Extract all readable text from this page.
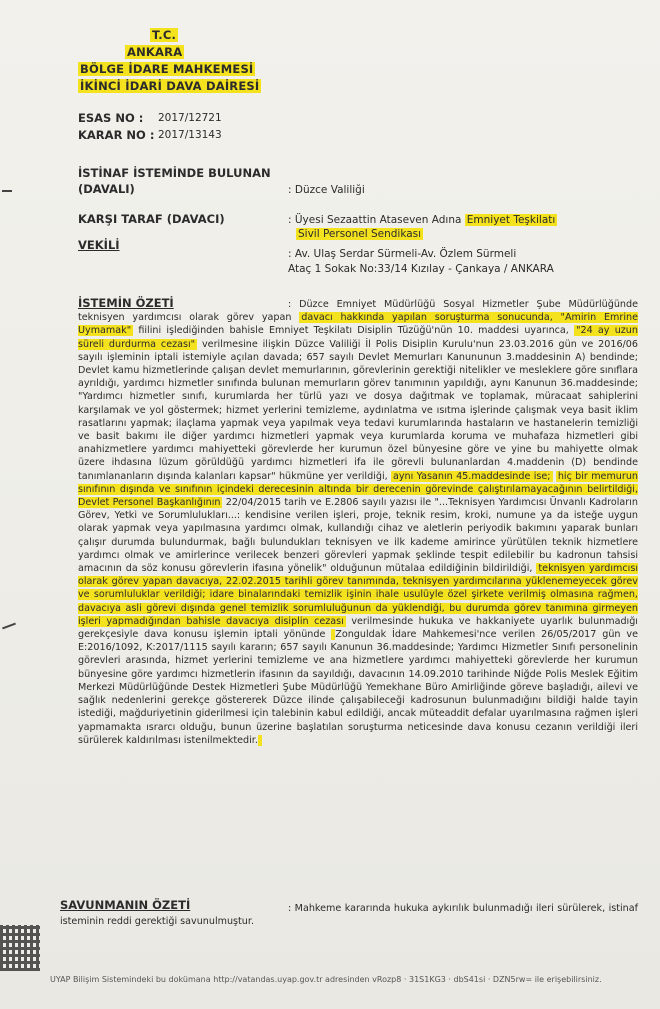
T.C.
ANKARA
BÖLGE İDARE MAHKEMESİ
İKİNCİ İDARİ DAVA DAİRESİ
ESAS NO : 2017/12721
KARAR NO : 2017/13143
İSTİNAF İSTEMİNDE BULUNAN
(DAVALI)	: Düzce Valiliği
KARŞI TARAF (DAVACI)	: Üyesi Sezaattin Ataseven Adına Emniyet Teşkilatı
Sivil Personel Sendikası
VEKİLİ
: Av. Ulaş Serdar Sürmeli-Av. Özlem Sürmeli
Ataç 1 Sokak No:33/14 Kızılay - Çankaya / ANKARA
İSTEMİN ÖZETİ	: Düzce Emniyet Müdürlüğü Sosyal Hizmetler Şube Müdürlüğünde teknisyen yardımcısı olarak görev yapan davacı hakkında yapılan soruşturma sonucunda, "Amirin Emrine Uymamak" fiilini işlediğinden bahisle Emniyet Teşkilatı Disiplin Tüzüğü'nün 10. maddesi uyarınca, "24 ay uzun süreli durdurma cezası" verilmesine ilişkin Düzce Valiliği İl Polis Disiplin Kurulu'nun 23.03.2016 gün ve 2016/06 sayılı işleminin iptali istemiyle açılan davada; 657 sayılı Devlet Memurları Kanununun 3.maddesinin A) bendinde; Devlet kamu hizmetlerinde çalışan devlet memurlarının, görevlerinin gerektiği nitelikler ve mesleklere göre sınıflara ayrıldığı, yardımcı hizmetler sınıfında bulunan memurların görev tanımının yapıldığı, aynı Kanunun 36.maddesinde; "Yardımcı hizmetler sınıfı, kurumlarda her türlü yazı ve dosya dağıtmak ve toplamak, müracaat sahiplerini karşılamak ve yol göstermek; hizmet yerlerini temizleme, aydınlatma ve ısıtma işlerinde çalışmak veya basit iklim rasatlarını yapmak; ilaçlama yapmak veya yapılmak veya tedavi kurumlarında hastaların ve hastanelerin temizliği ve basit bakımı ile diğer yardımcı hizmetleri yapmak veya kurumlarda koruma ve muhafaza hizmetleri gibi anahizmetlere yardımcı mahiyetteki görevlerde her kurumun özel bünyesine göre ve yine bu mahiyette olmak üzere ihdasına lüzum görüldüğü yardımcı hizmetleri ifa ile görevli bulunanlardan 4.maddenin (D) bendinde tanımlananların dışında kalanları kapsar" hükmüne yer verildiği, aynı Yasanın 45.maddesinde ise; hiç bir memurun sınıfının dışında ve sınıfının içindeki derecesinin altında bir derecenin görevinde çalıştırılamayacağının belirtildiği, Devlet Personel Başkanlığının 22/04/2015 tarih ve E.2806 sayılı yazısı ile "...Teknisyen Yardımcısı Ünvanlı Kadroların Görev, Yetki ve Sorumlulukları...: kendisine verilen işleri, proje, teknik resim, kroki, numune ya da isteğe uygun olarak yapmak veya yapılmasına yardımcı olmak, kullandığı cihaz ve aletlerin periyodik bakımını yaparak bunları çalışır durumda bulundurmak, bağlı bulundukları teknisyen ve ilk kademe amirince yürütülen teknik hizmetlere yardımcı olmak ve amirlerince verilecek benzeri görevleri yapmak şeklinde tespit edilebilir bu kadronun tahsisi amacının da söz konusu görevlerin ifasına yönelik" olduğunun mütalaa edildiğinin bildirildiği, teknisyen yardımcısı olarak görev yapan davacıya, 22.02.2015 tarihli görev tanımında, teknisyen yardımcılarına yüklenemeyecek görev ve sorumluluklar verildiği; idare binalarındaki temizlik işinin ihale usulüyle özel şirkete verilmiş olmasına rağmen, davacıya asli görevi dışında genel temizlik sorumluluğunun da yüklendiği, bu durumda görev tanımına girmeyen işleri yapmadığından bahisle davacıya disiplin cezası verilmesinde hukuka ve hakkaniyete uyarlık bulunmadığı gerekçesiyle dava konusu işlemin iptali yönünde Zonguldak İdare Mahkemesi'nce verilen 26/05/2017 gün ve E:2016/1092, K:2017/1115 sayılı kararın; 657 sayılı Kanunun 36.maddesinde; Yardımcı Hizmetler Sınıfı personelinin görevleri arasında, hizmet yerlerini temizleme ve ana hizmetlere yardımcı mahiyetteki görevlerde her kurumun bünyesine göre yardımcı hizmetlerin ifasının da sayıldığı, davacının 14.09.2010 tarihinde Niğde Polis Meslek Eğitim Merkezi Müdürlüğünde Destek Hizmetleri Şube Müdürlüğü Yemekhane Büro Amirliğinde göreve başladığı, ailevi ve sağlık nedenlerini gerekçe göstererek Düzce ilinde çalışabileceği kadrosunun bulunmadığını bildiği halde tayin istediği, mağduriyetinin giderilmesi için talebinin kabul edildiği, ancak müteaddit defalar uyarılmasına rağmen işleri yapmamakta ısrarcı olduğu, bunun üzerine başlatılan soruşturma neticesinde dava konusu cezanın verildiği ileri sürülerek kaldırılması istenilmektedir.

SAVUNMANIN ÖZETİ	: Mahkeme kararında hukuka aykırılık bulunmadığı ileri sürülerek, istinaf isteminin reddi gerektiği savunulmuştur.

UYAP Bilişim Sistemindeki bu dokümana http://vatandas.uyap.gov.tr adresinden vRozp8 · 31S1KG3 · dbS41si · DZN5rw= ile erişebilirsiniz.
